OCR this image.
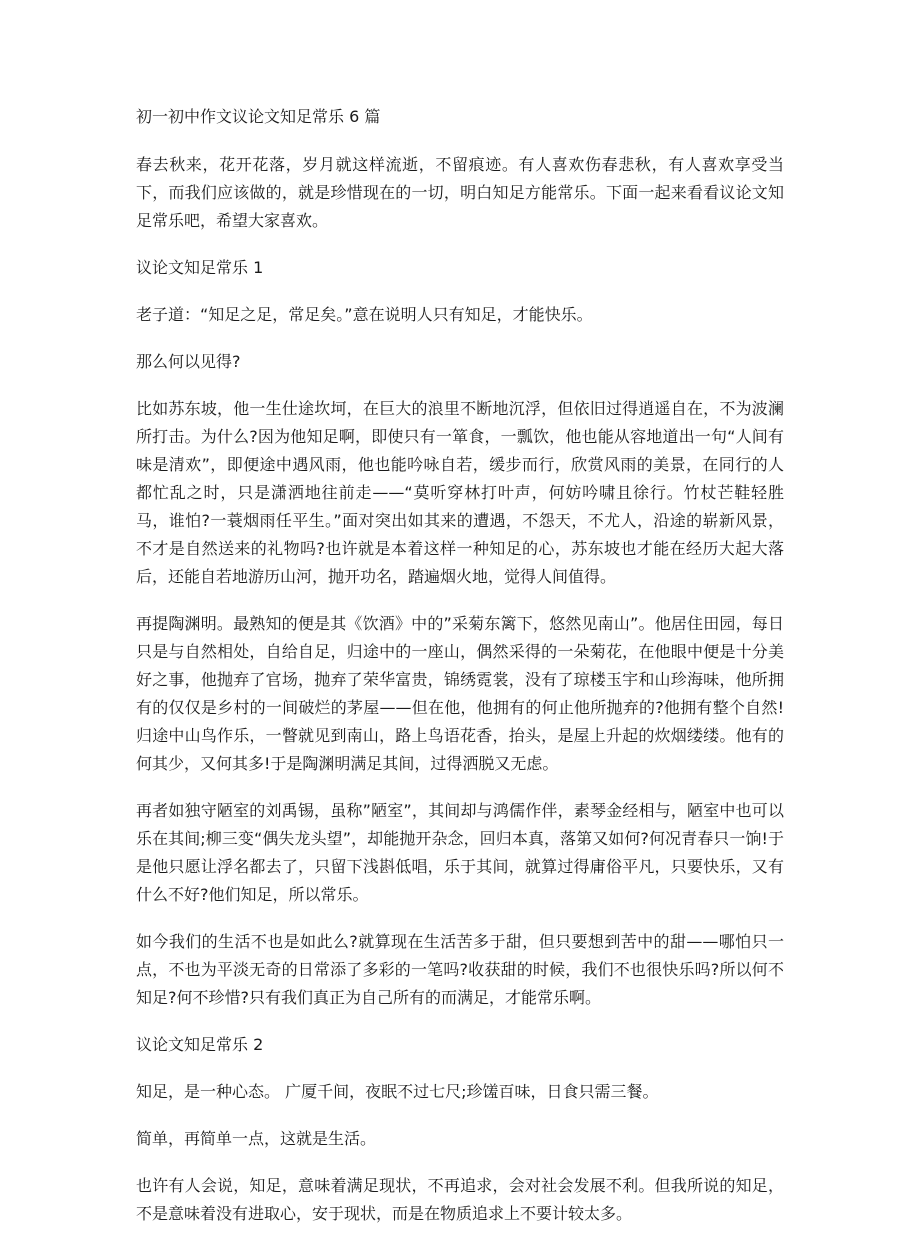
初一初中作文议论文知足常乐 6 篇
春去秋来，花开花落，岁月就这样流逝，不留痕迹。有人喜欢伤春悲秋，有人喜欢享受当下，而我们应该做的，就是珍惜现在的一切，明白知足方能常乐。下面一起来看看议论文知足常乐吧，希望大家喜欢。
议论文知足常乐 1
老子道：“知足之足，常足矣。”意在说明人只有知足，才能快乐。
那么何以见得?
比如苏东坡，他一生仕途坎坷，在巨大的浪里不断地沉浮，但依旧过得逍遥自在，不为波澜所打击。为什么?因为他知足啊，即使只有一箪食，一瓢饮，他也能从容地道出一句“人间有味是清欢”，即便途中遇风雨，他也能吟咏自若，缓步而行，欣赏风雨的美景，在同行的人都忙乱之时，只是潇洒地往前走——“莫听穿林打叶声，何妨吟啸且徐行。竹杖芒鞋轻胜马，谁怕?一蓑烟雨任平生。”面对突出如其来的遭遇，不怨天，不尤人，沿途的崭新风景，不才是自然送来的礼物吗?也许就是本着这样一种知足的心，苏东坡也才能在经历大起大落后，还能自若地游历山河，抛开功名，踏遍烟火地，觉得人间值得。
再提陶渊明。最熟知的便是其《饮酒》中的”采菊东篱下，悠然见南山”。他居住田园，每日只是与自然相处，自给自足，归途中的一座山，偶然采得的一朵菊花，在他眼中便是十分美好之事，他抛弃了官场，抛弃了荣华富贵，锦绣霓裳，没有了琼楼玉宇和山珍海味，他所拥有的仅仅是乡村的一间破烂的茅屋——但在他，他拥有的何止他所抛弃的?他拥有整个自然!归途中山鸟作乐，一瞥就见到南山，路上鸟语花香，抬头，是屋上升起的炊烟缕缕。他有的何其少，又何其多!于是陶渊明满足其间，过得洒脱又无虑。
再者如独守陋室的刘禹锡，虽称”陋室”，其间却与鸿儒作伴，素琴金经相与，陋室中也可以乐在其间;柳三变“偶失龙头望”，却能抛开杂念，回归本真，落第又如何?何况青春只一饷!于是他只愿让浮名都去了，只留下浅斟低唱，乐于其间，就算过得庸俗平凡，只要快乐，又有什么不好?他们知足，所以常乐。
如今我们的生活不也是如此么?就算现在生活苦多于甜，但只要想到苦中的甜——哪怕只一点，不也为平淡无奇的日常添了多彩的一笔吗?收获甜的时候，我们不也很快乐吗?所以何不知足?何不珍惜?只有我们真正为自己所有的而满足，才能常乐啊。
议论文知足常乐 2
知足，是一种心态。 广厦千间，夜眠不过七尺;珍馐百味，日食只需三餐。
简单，再简单一点，这就是生活。
也许有人会说，知足，意味着满足现状，不再追求，会对社会发展不利。但我所说的知足，不是意味着没有进取心，安于现状，而是在物质追求上不要计较太多。
